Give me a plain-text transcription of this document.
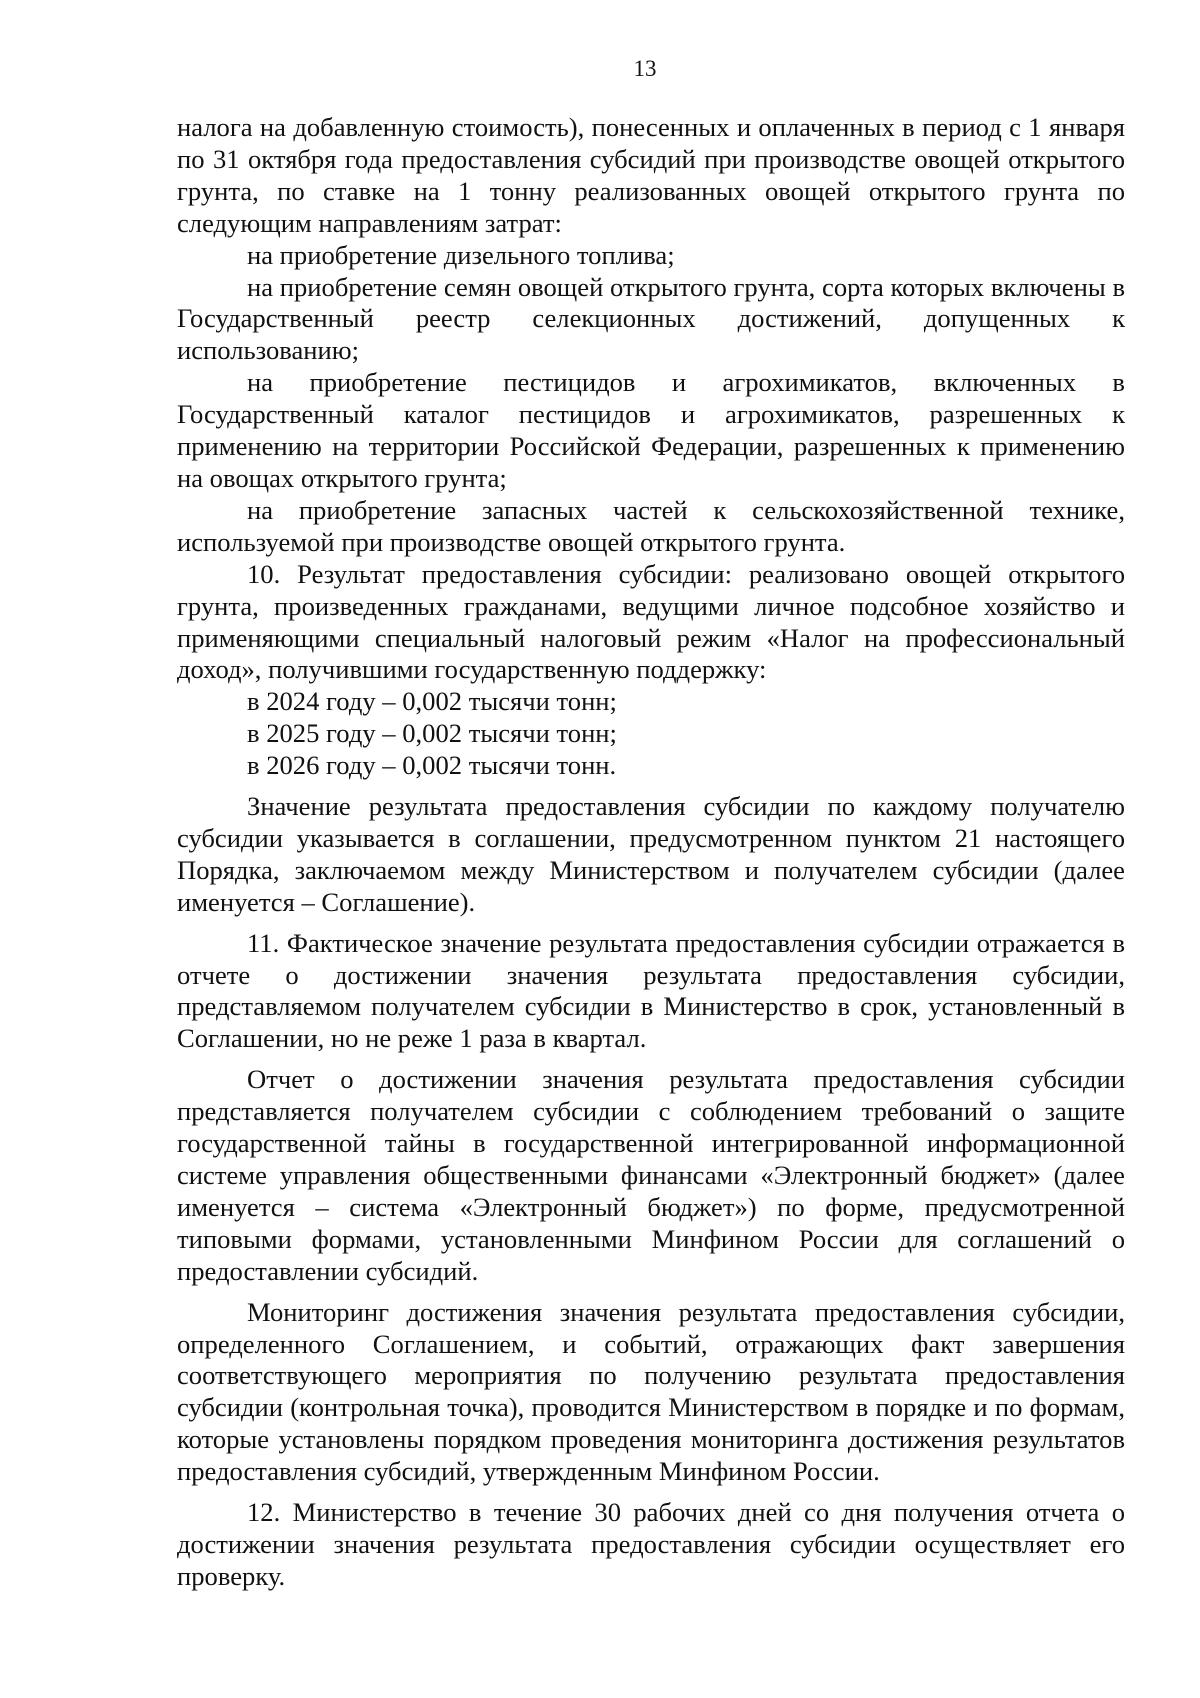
13

налога на добавленную стоимость), понесенных и оплаченных в период с 1 января по 31 октября года предоставления субсидий при производстве овощей открытого грунта, по ставке на 1 тонну реализованных овощей открытого грунта по следующим направлениям затрат:

на приобретение дизельного топлива;

на приобретение семян овощей открытого грунта, сорта которых включены в Государственный реестр селекционных достижений, допущенных к использованию;

на приобретение пестицидов и агрохимикатов, включенных в Государственный каталог пестицидов и агрохимикатов, разрешенных к применению на территории Российской Федерации, разрешенных к применению на овощах открытого грунта;

на приобретение запасных частей к сельскохозяйственной технике, используемой при производстве овощей открытого грунта.

10. Результат предоставления субсидии: реализовано овощей открытого грунта, произведенных гражданами, ведущими личное подсобное хозяйство и применяющими специальный налоговый режим «Налог на профессиональный доход», получившими государственную поддержку:

в 2024 году – 0,002 тысячи тонн;

в 2025 году – 0,002 тысячи тонн;

в 2026 году – 0,002 тысячи тонн.

Значение результата предоставления субсидии по каждому получателю субсидии указывается в соглашении, предусмотренном пунктом 21 настоящего Порядка, заключаемом между Министерством и получателем субсидии (далее именуется – Соглашение).

11. Фактическое значение результата предоставления субсидии отражается в отчете о достижении значения результата предоставления субсидии, представляемом получателем субсидии в Министерство в срок, установленный в Соглашении, но не реже 1 раза в квартал.

Отчет о достижении значения результата предоставления субсидии представляется получателем субсидии с соблюдением требований о защите государственной тайны в государственной интегрированной информационной системе управления общественными финансами «Электронный бюджет» (далее именуется – система «Электронный бюджет») по форме, предусмотренной типовыми формами, установленными Минфином России для соглашений о предоставлении субсидий.

Мониторинг достижения значения результата предоставления субсидии, определенного Соглашением, и событий, отражающих факт завершения соответствующего мероприятия по получению результата предоставления субсидии (контрольная точка), проводится Министерством в порядке и по формам, которые установлены порядком проведения мониторинга достижения результатов предоставления субсидий, утвержденным Минфином России.

12. Министерство в течение 30 рабочих дней со дня получения отчета о достижении значения результата предоставления субсидии осуществляет его проверку.
